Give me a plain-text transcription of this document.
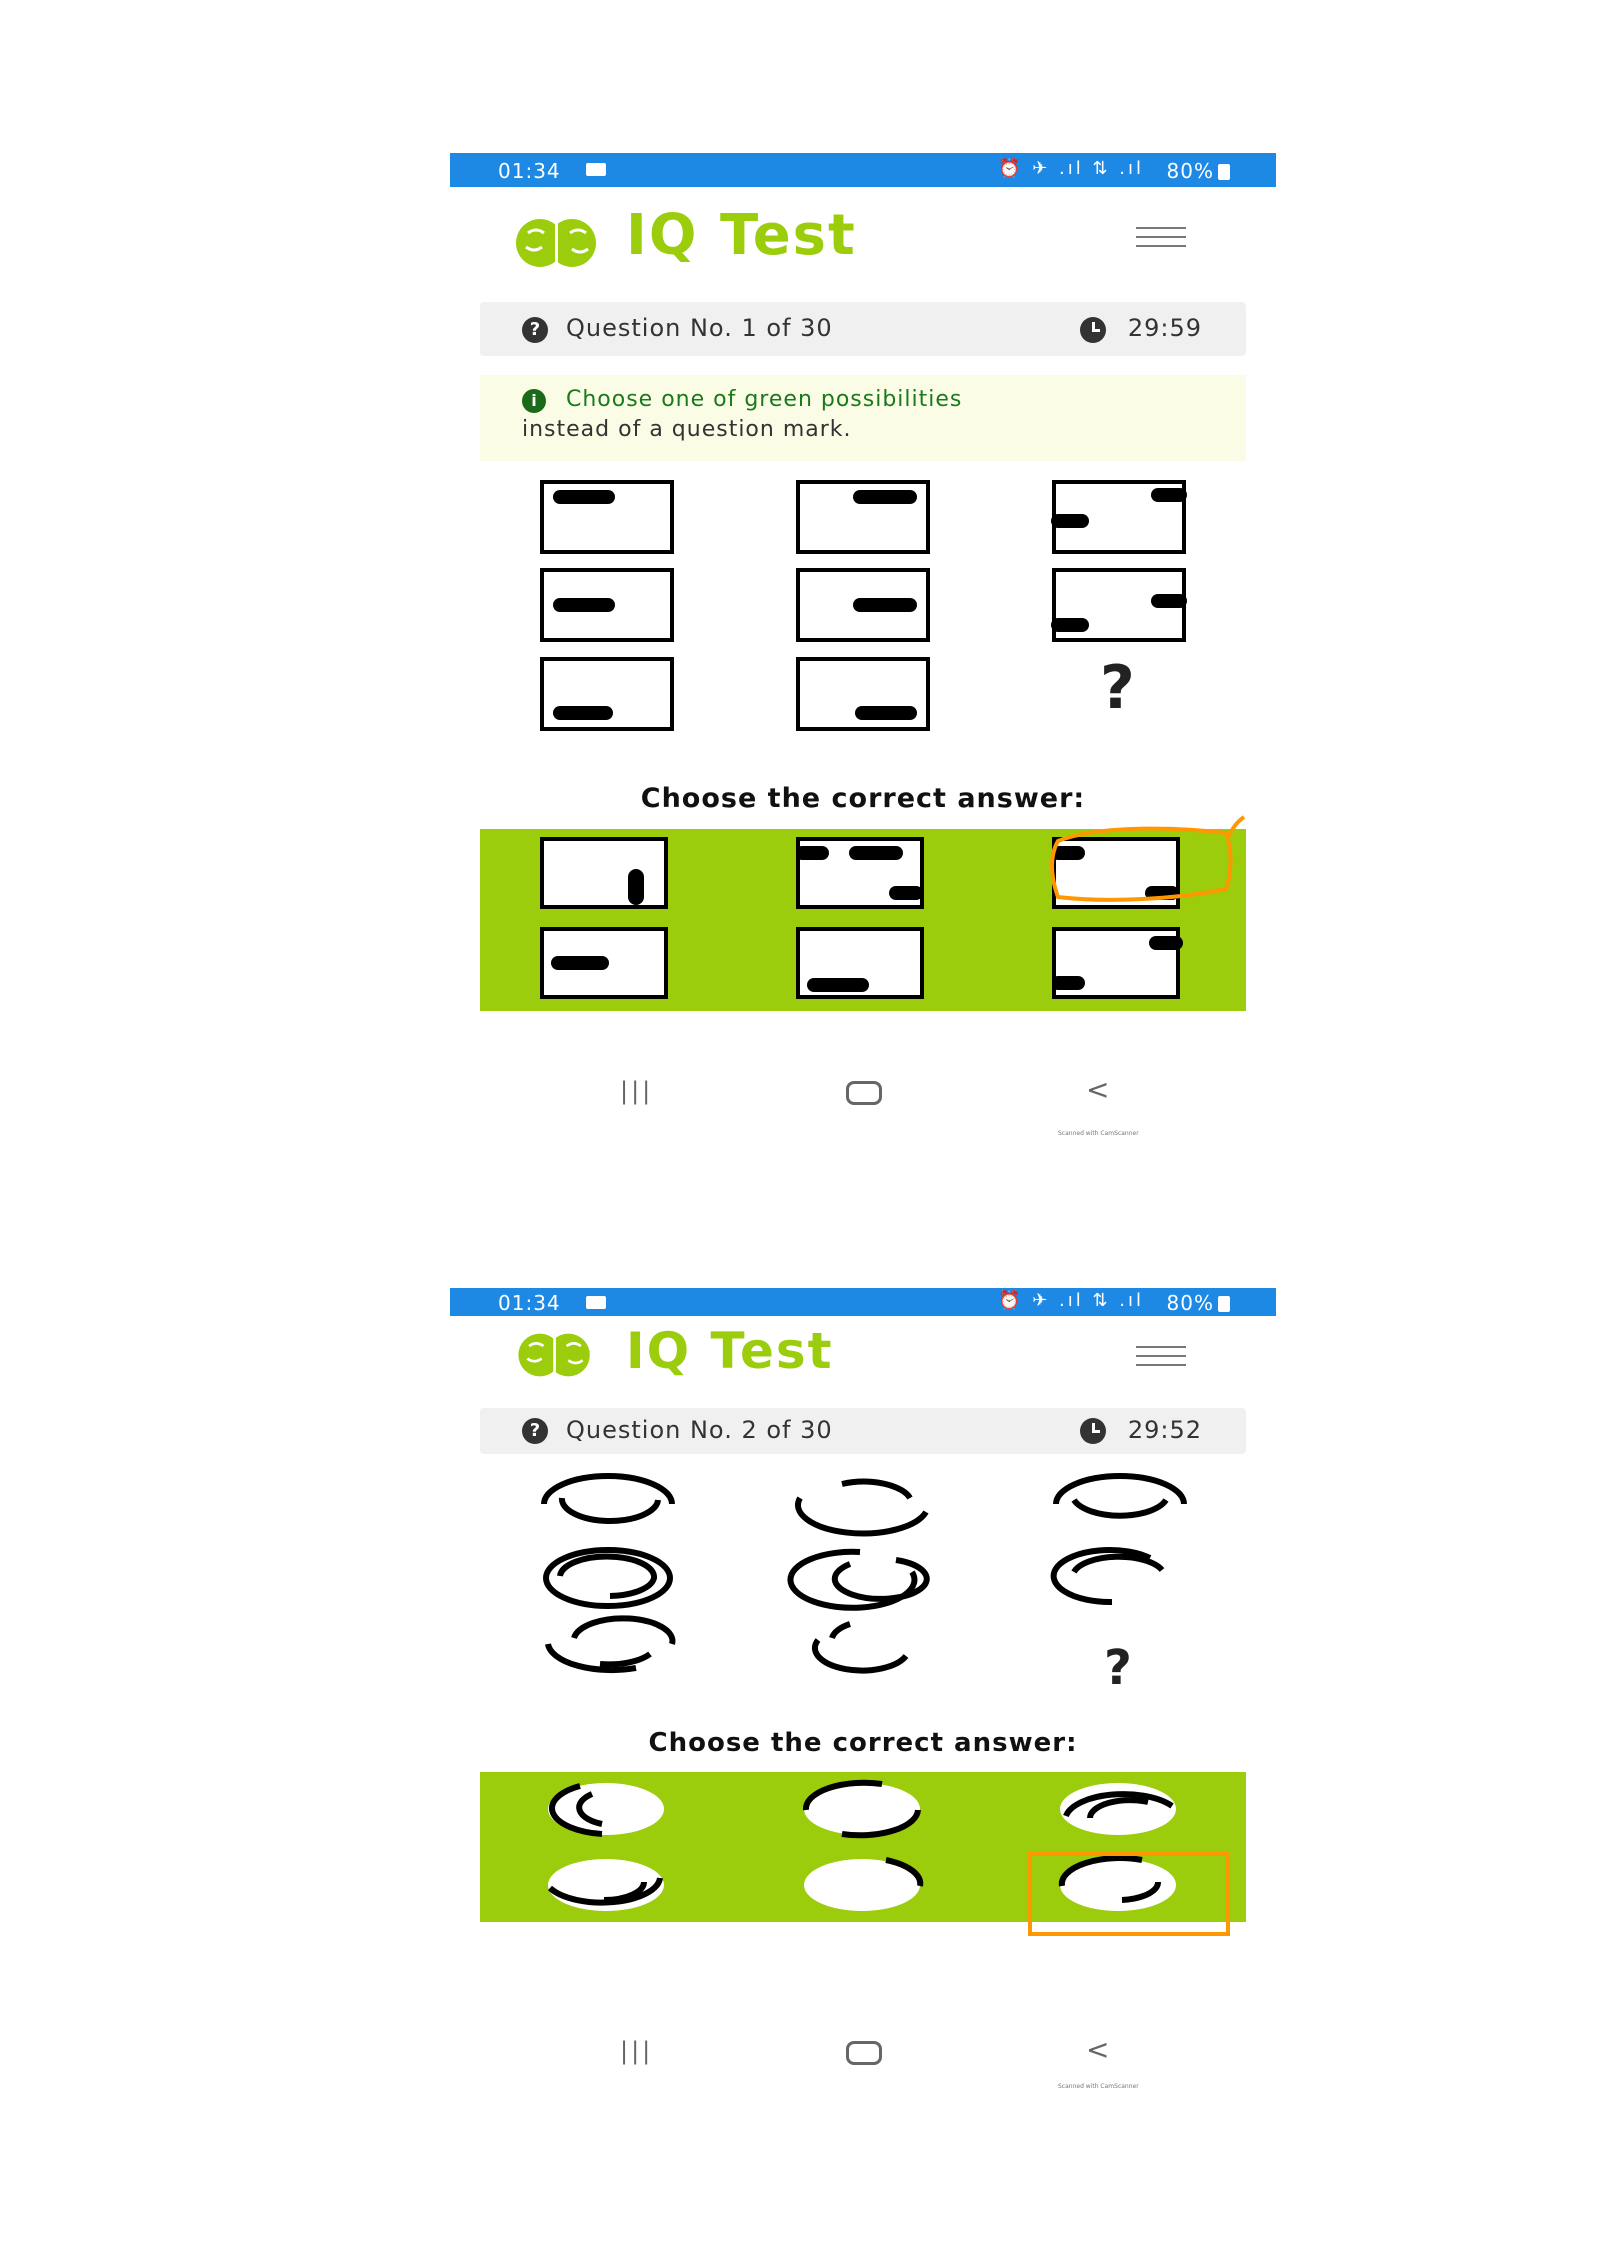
01:34	⏰ ✈ .ıl ⇅ .ıl 80%
IQ Test
?	Question No. 1 of 30	29:59
i	Choose one of green possibilities
instead of a question mark.
?
Choose the correct answer:
|||	<
Scanned with CamScanner
01:34	⏰ ✈ .ıl ⇅ .ıl 80%
IQ Test
?	Question No. 2 of 30	29:52
?
Choose the correct answer:
|||	<
Scanned with CamScanner
